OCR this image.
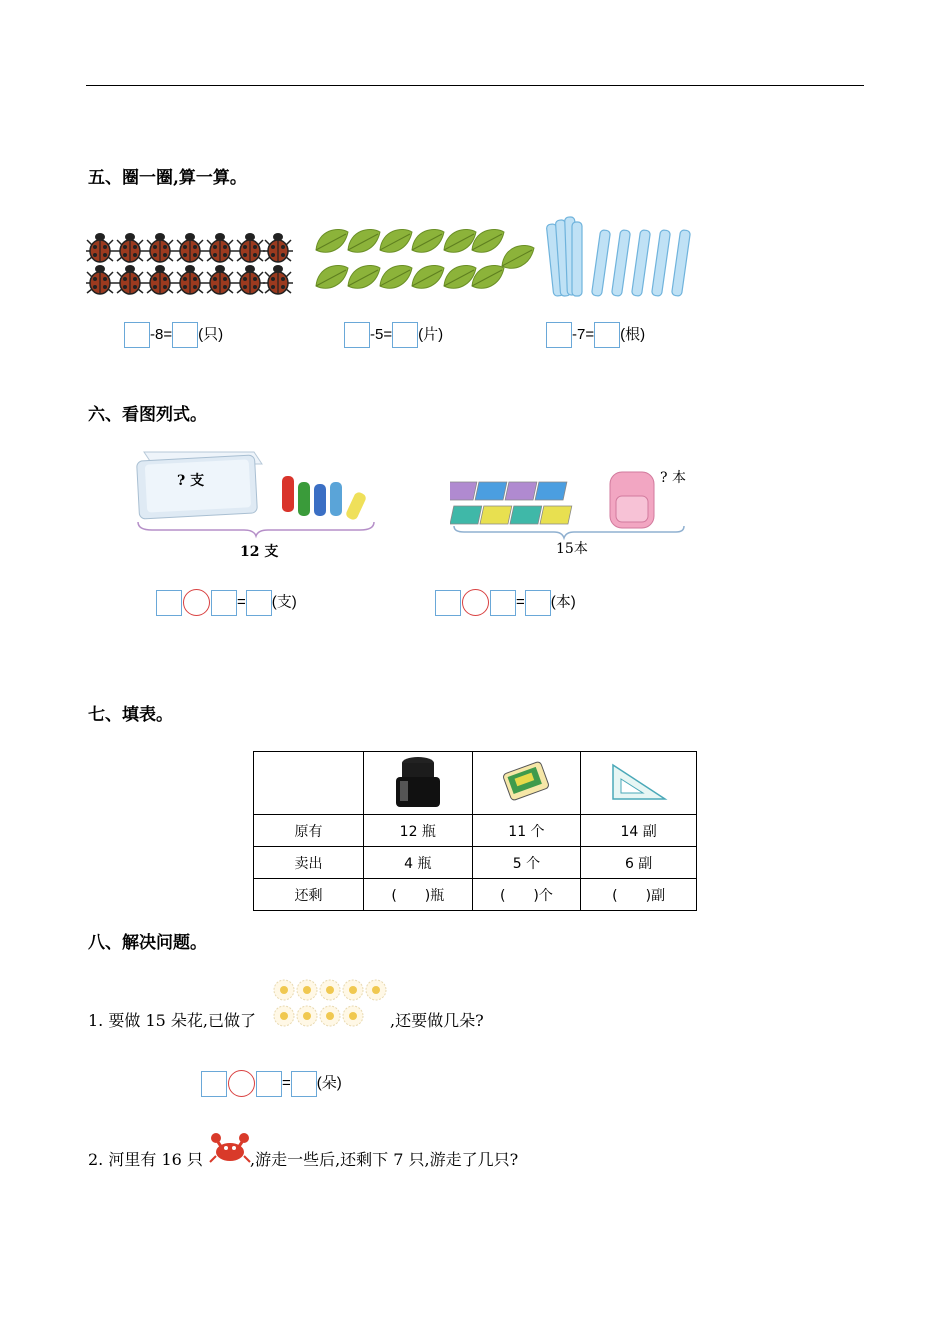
五、圈一圈,算一算。
-8= (只)	-5= (片)	-7= (根)
六、看图列式。
? 支
12 支
? 本
15本
= (支)	= (本)
七、填表。

原有	12 瓶	11 个	14 副
卖出	4 瓶	5 个	6 副
还剩	(　　)瓶	(　　)个	(　　)副
八、解决问题。
1. 要做 15 朵花,已做了	,还要做几朵?
= (朵)
2. 河里有 16 只	,游走一些后,还剩下 7 只,游走了几只?
